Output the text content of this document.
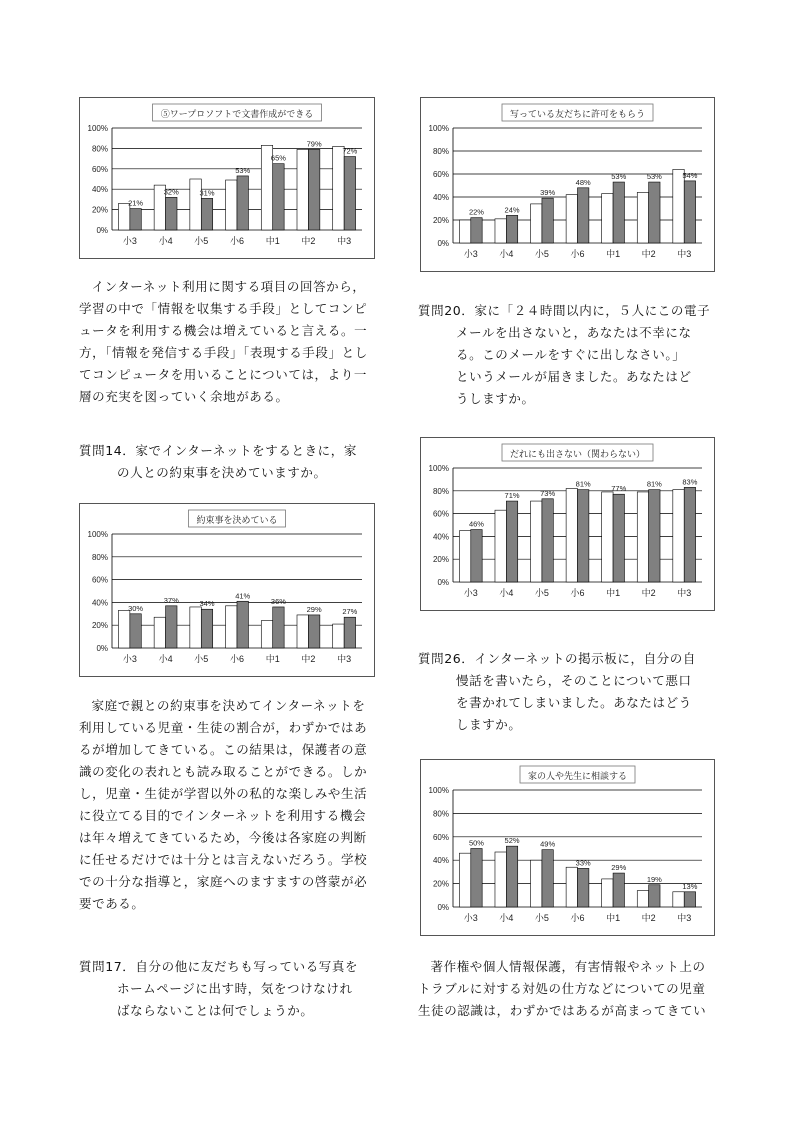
⑤ワープロソフトで文書作成ができる
0%
20%
40%
60%
80%
100%
21%
小3
32%
小4
31%
小5
53%
小6
65%
中1
79%
中2
72%
中3

インターネット利用に関する項目の回答から，

学習の中で「情報を収集する手段」としてコンピ

ュータを利用する機会は増えていると言える。一

方，「情報を発信する手段」「表現する手段」とし

てコンピュータを用いることについては，より一

層の充実を図っていく余地がある。

質問14． 家でインターネットをするときに，家
の人との約束事を決めていますか。
約束事を決めている
0%
20%
40%
60%
80%
100%
30%
小3
37%
小4
34%
小5
41%
小6
36%
中1
29%
中2
27%
中3

家庭で親との約束事を決めてインターネットを

利用している児童・生徒の割合が，わずかではあ

るが増加してきている。この結果は，保護者の意

識の変化の表れとも読み取ることができる。しか

し，児童・生徒が学習以外の私的な楽しみや生活

に役立てる目的でインターネットを利用する機会

は年々増えてきているため，今後は各家庭の判断

に任せるだけでは十分とは言えないだろう。学校

での十分な指導と，家庭へのますますの啓蒙が必

要である。

質問17． 自分の他に友だちも写っている写真を
ホームページに出す時，気をつけなけれ
ばならないことは何でしょうか。
写っている友だちに許可をもらう
0%
20%
40%
60%
80%
100%
22%
小3
24%
小4
39%
小5
48%
小6
53%
中1
53%
中2
54%
中3
質問20． 家に「２４時間以内に，５人にこの電子
メールを出さないと，あなたは不幸にな
る。このメールをすぐに出しなさい。」
というメールが届きました。あなたはど
うしますか。
だれにも出さない（関わらない）
0%
20%
40%
60%
80%
100%
46%
小3
71%
小4
73%
小5
81%
小6
77%
中1
81%
中2
83%
中3
質問26． インターネットの掲示板に，自分の自
慢話を書いたら，そのことについて悪口
を書かれてしまいました。あなたはどう
しますか。
家の人や先生に相談する
0%
20%
40%
60%
80%
100%
50%
小3
52%
小4
49%
小5
33%
小6
29%
中1
19%
中2
13%
中3

著作権や個人情報保護，有害情報やネット上の

トラブルに対する対処の仕方などについての児童

生徒の認識は，わずかではあるが高まってきてい
